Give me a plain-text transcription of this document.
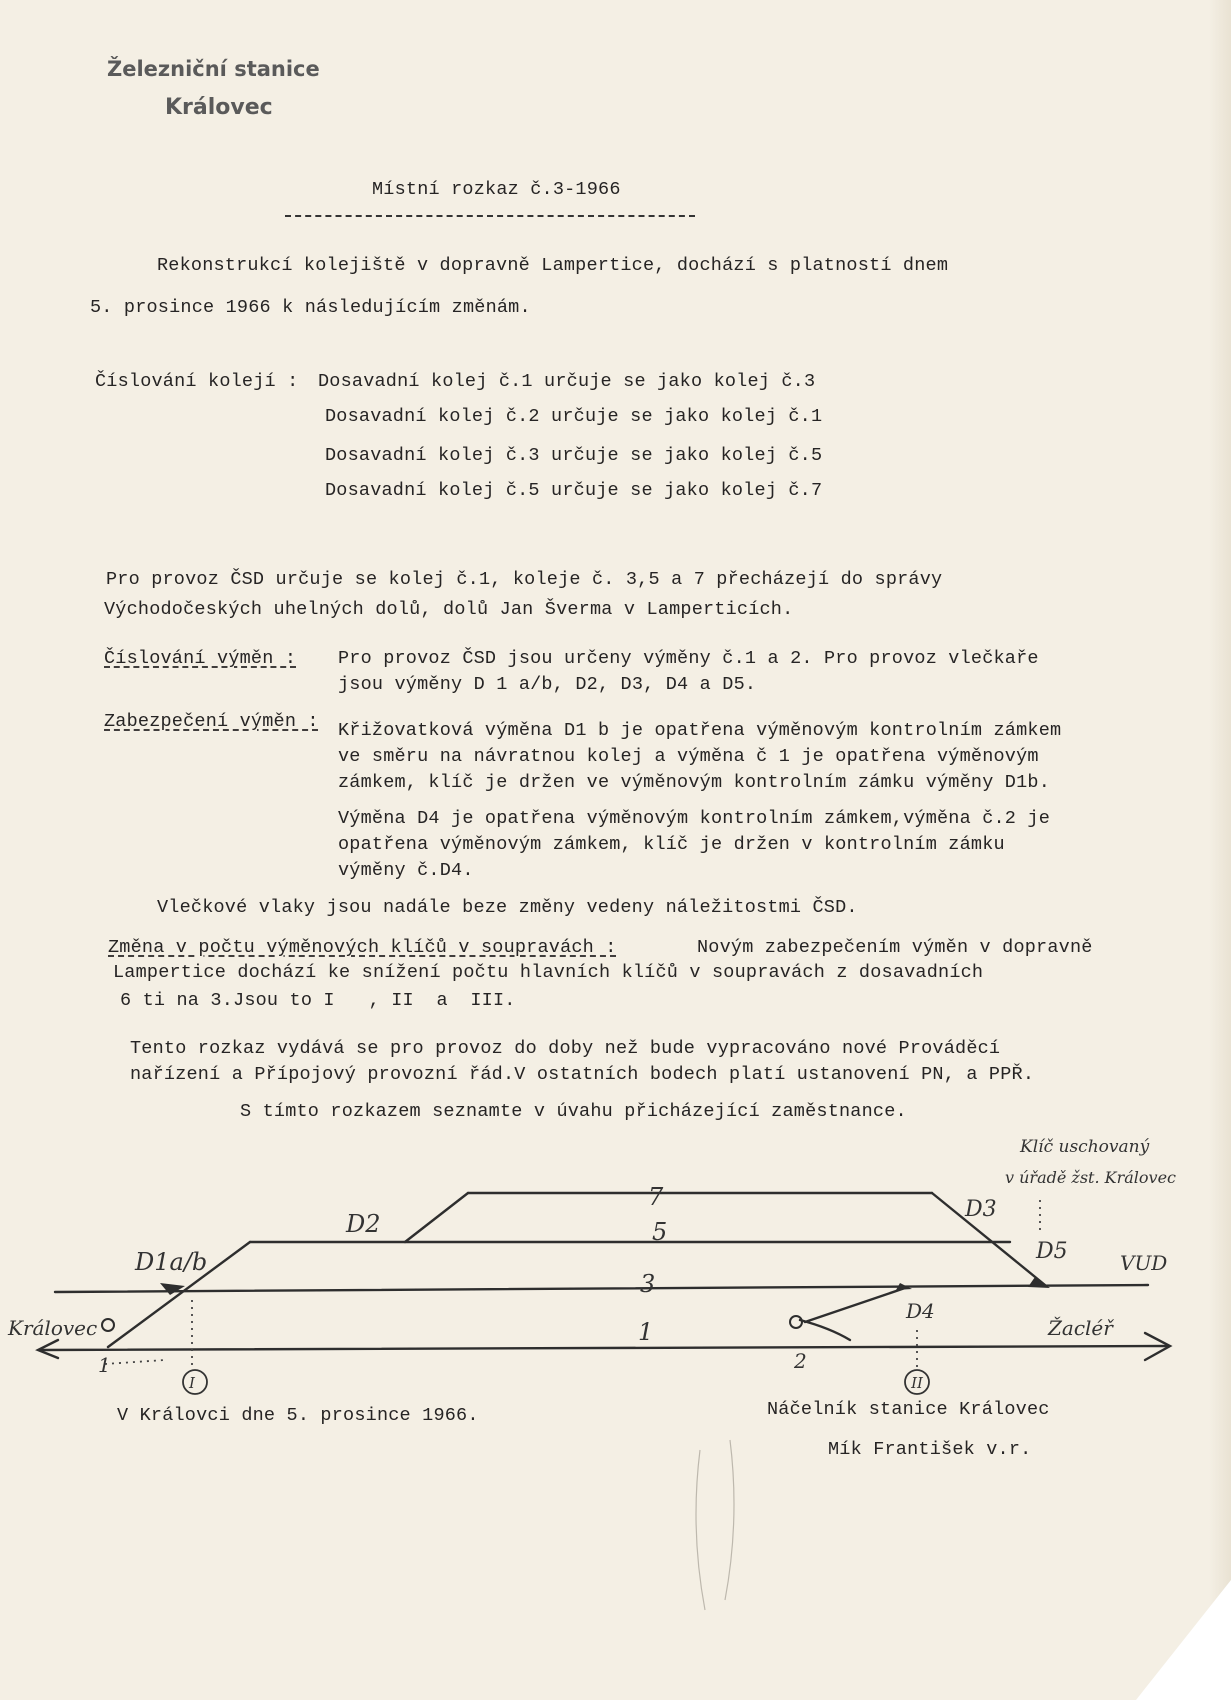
Železniční stanice
Královec
Místní rozkaz č.3-1966
Rekonstrukcí kolejiště v dopravně Lampertice, dochází s platností dnem
5. prosince 1966 k následujícím změnám.
Číslování kolejí : Dosavadní kolej č.1 určuje se jako kolej č.3
Dosavadní kolej č.2 určuje se jako kolej č.1
Dosavadní kolej č.3 určuje se jako kolej č.5
Dosavadní kolej č.5 určuje se jako kolej č.7
Pro provoz ČSD určuje se kolej č.1, koleje č. 3,5 a 7 přecházejí do správy
Východočeských uhelných dolů, dolů Jan Šverma v Lamperticích.
Číslování výměn : Pro provoz ČSD jsou určeny výměny č.1 a 2. Pro provoz vlečkaře
jsou výměny D 1 a/b, D2, D3, D4 a D5.
Zabezpečení výměn : Křižovatková výměna D1 b je opatřena výměnovým kontrolním zámkem
ve směru na návratnou kolej a výměna č 1 je opatřena výměnovým
zámkem, klíč je držen ve výměnovým kontrolním zámku výměny D1b.
Výměna D4 je opatřena výměnovým kontrolním zámkem,výměna č.2 je
opatřena výměnovým zámkem, klíč je držen v kontrolním zámku
výměny č.D4.
Vlečkové vlaky jsou nadále beze změny vedeny náležitostmi ČSD.
Změna v počtu výměnových klíčů v soupravách :	Novým zabezpečením výměn v dopravně
Lampertice dochází ke snížení počtu hlavních klíčů v soupravách z dosavadních
6 ti na 3.Jsou to I   , II  a  III.
Tento rozkaz vydává se pro provoz do doby než bude vypracováno nové Prováděcí
nařízení a Přípojový provozní řád.V ostatních bodech platí ustanovení PN, a PPŘ.
S tímto rozkazem seznamte v úvahu přicházející zaměstnance.
7
5
3
1
D1a/b
D2
D3
D4
D5
Klíč uschovaný
v úřadě žst. Královec
Královec	Žacléř
VUD
1	2
I	II
V Královci dne 5. prosince 1966.	Náčelník stanice Královec
Mík František v.r.
